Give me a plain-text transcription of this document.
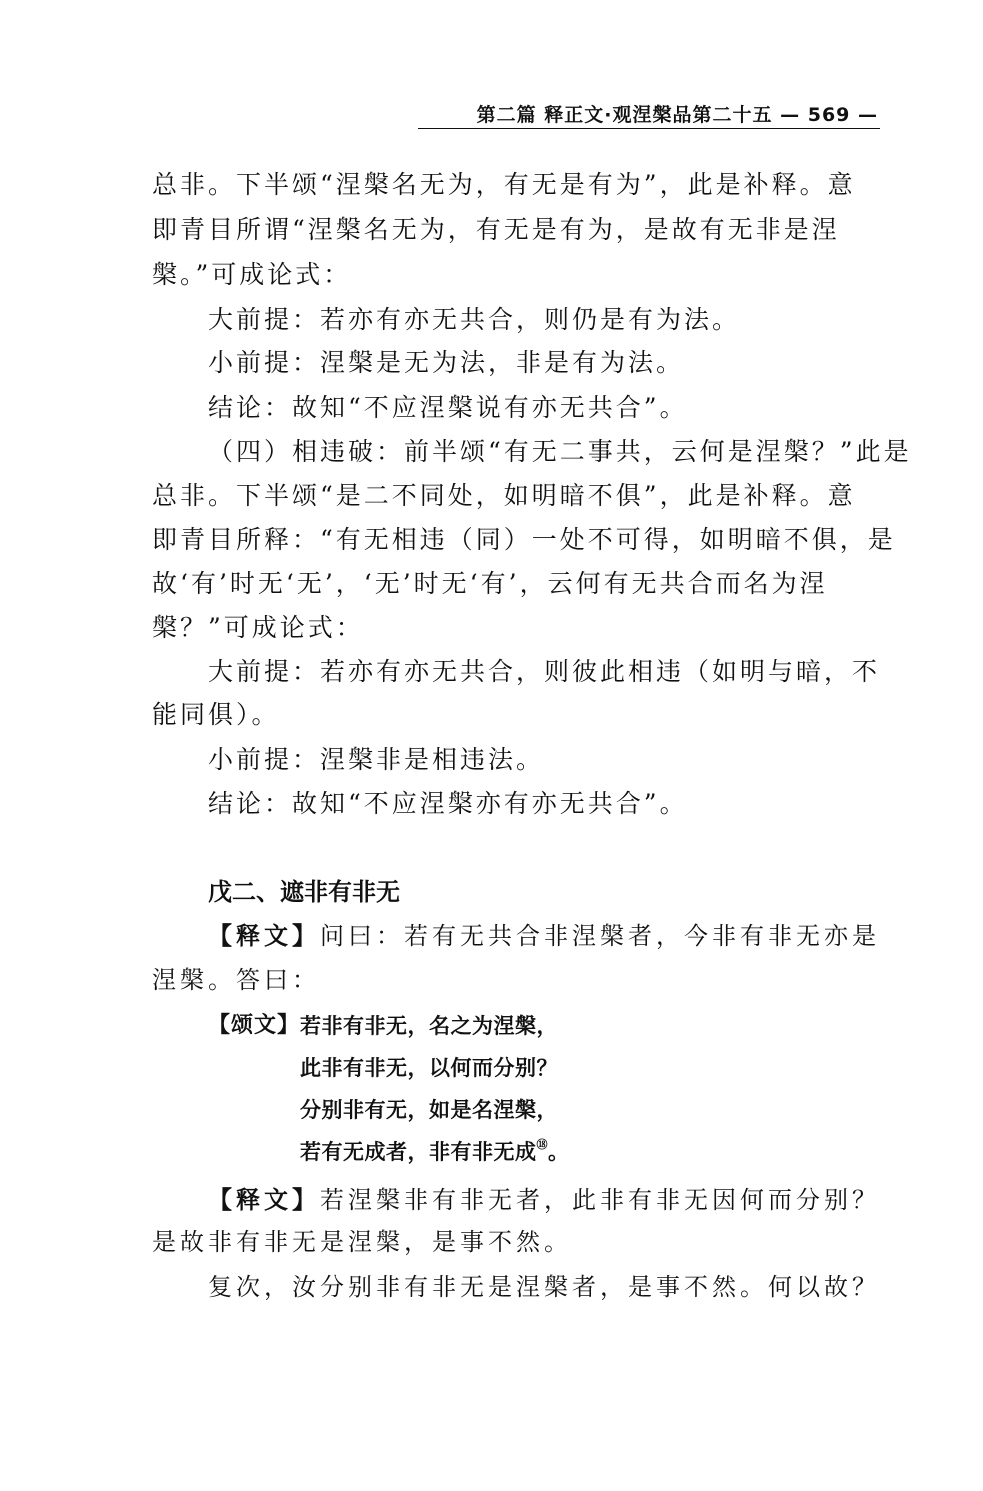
第二篇 释正文·观涅槃品第二十五 — 569 —
总非。下半颂“涅槃名无为，有无是有为”，此是补释。意
即青目所谓“涅槃名无为，有无是有为，是故有无非是涅
槃。”可成论式：
大前提：若亦有亦无共合，则仍是有为法。
小前提：涅槃是无为法，非是有为法。
结论：故知“不应涅槃说有亦无共合”。
（四）相违破：前半颂“有无二事共，云何是涅槃？”此是
总非。下半颂“是二不同处，如明暗不俱”，此是补释。意
即青目所释：“有无相违（同）一处不可得，如明暗不俱，是
故‘有’时无‘无’，‘无’时无‘有’，云何有无共合而名为涅
槃？”可成论式：
大前提：若亦有亦无共合，则彼此相违（如明与暗，不
能同俱）。
小前提：涅槃非是相违法。
结论：故知“不应涅槃亦有亦无共合”。
戊二、遮非有非无
【释文】问曰：若有无共合非涅槃者，今非有非无亦是
涅槃。答曰：
【颂文】 若非有非无，名之为涅槃，
此非有非无，以何而分别？
分别非有无，如是名涅槃，
若有无成者，非有非无成⑱。
【释文】若涅槃非有非无者，此非有非无因何而分别？
是故非有非无是涅槃，是事不然。
复次，汝分别非有非无是涅槃者，是事不然。何以故？
